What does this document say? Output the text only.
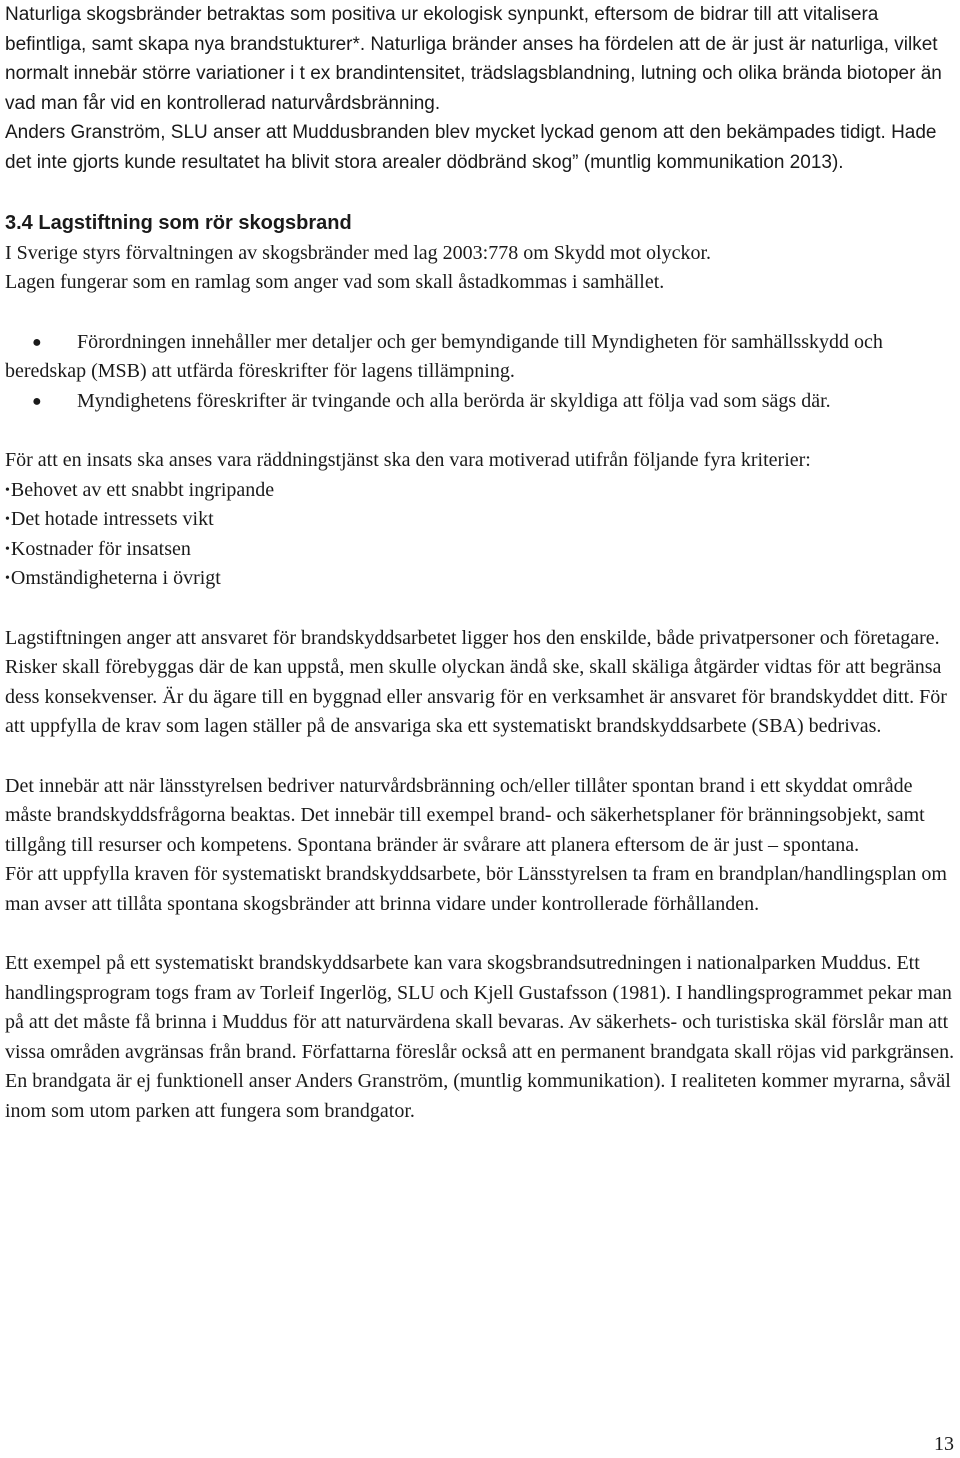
Naturliga skogsbränder betraktas som positiva ur ekologisk synpunkt, eftersom de bidrar till att vitalisera befintliga, samt skapa nya brandstukturer*. Naturliga bränder anses ha fördelen att de är just är naturliga, vilket normalt innebär större variationer i t ex brandintensitet, trädslagsblandning, lutning och olika brända biotoper än vad man får vid en kontrollerad naturvårdsbränning.

Anders Granström, SLU anser att Muddusbranden blev mycket lyckad genom att den bekämpades tidigt. Hade det inte gjorts kunde resultatet ha blivit stora arealer dödbränd skog” (muntlig kommunikation 2013).

3.4 Lagstiftning som rör skogsbrand

I Sverige styrs förvaltningen av skogsbränder med lag 2003:778 om Skydd mot olyckor.

Lagen fungerar som en ramlag som anger vad som skall åstadkommas i samhället.

● Förordningen innehåller mer detaljer och ger bemyndigande till Myndigheten för samhällsskydd och beredskap (MSB) att utfärda föreskrifter för lagens tillämpning.
● Myndighetens föreskrifter är tvingande och alla berörda är skyldiga att följa vad som sägs där.

För att en insats ska anses vara räddningstjänst ska den vara motiverad utifrån följande fyra kriterier:

•Behovet av ett snabbt ingripande
•Det hotade intressets vikt
•Kostnader för insatsen
•Omständigheterna i övrigt

Lagstiftningen anger att ansvaret för brandskyddsarbetet ligger hos den enskilde, både privatpersoner och företagare. Risker skall förebyggas där de kan uppstå, men skulle olyckan ändå ske, skall skäliga åtgärder vidtas för att begränsa dess konsekvenser. Är du ägare till en byggnad eller ansvarig för en verksamhet är ansvaret för brandskyddet ditt. För att uppfylla de krav som lagen ställer på de ansvariga ska ett systematiskt brandskyddsarbete (SBA) bedrivas.

Det innebär att när länsstyrelsen bedriver naturvårdsbränning och/eller tillåter spontan brand i ett skyddat område måste brandskyddsfrågorna beaktas. Det innebär till exempel brand- och säkerhetsplaner för bränningsobjekt, samt tillgång till resurser och kompetens. Spontana bränder är svårare att planera eftersom de är just – spontana.

För att uppfylla kraven för systematiskt brandskyddsarbete, bör Länsstyrelsen ta fram en brandplan/handlingsplan om man avser att tillåta spontana skogsbränder att brinna vidare under kontrollerade förhållanden.

Ett exempel på ett systematiskt brandskyddsarbete kan vara skogsbrandsutredningen i nationalparken Muddus. Ett handlingsprogram togs fram av Torleif Ingerlög, SLU och Kjell Gustafsson (1981). I handlingsprogrammet pekar man på att det måste få brinna i Muddus för att naturvärdena skall bevaras. Av säkerhets- och turistiska skäl förslår man att vissa områden avgränsas från brand. Författarna föreslår också att en permanent brandgata skall röjas vid parkgränsen. En brandgata är ej funktionell anser Anders Granström, (muntlig kommunikation). I realiteten kommer myrarna, såväl inom som utom parken att fungera som brandgator.

13
